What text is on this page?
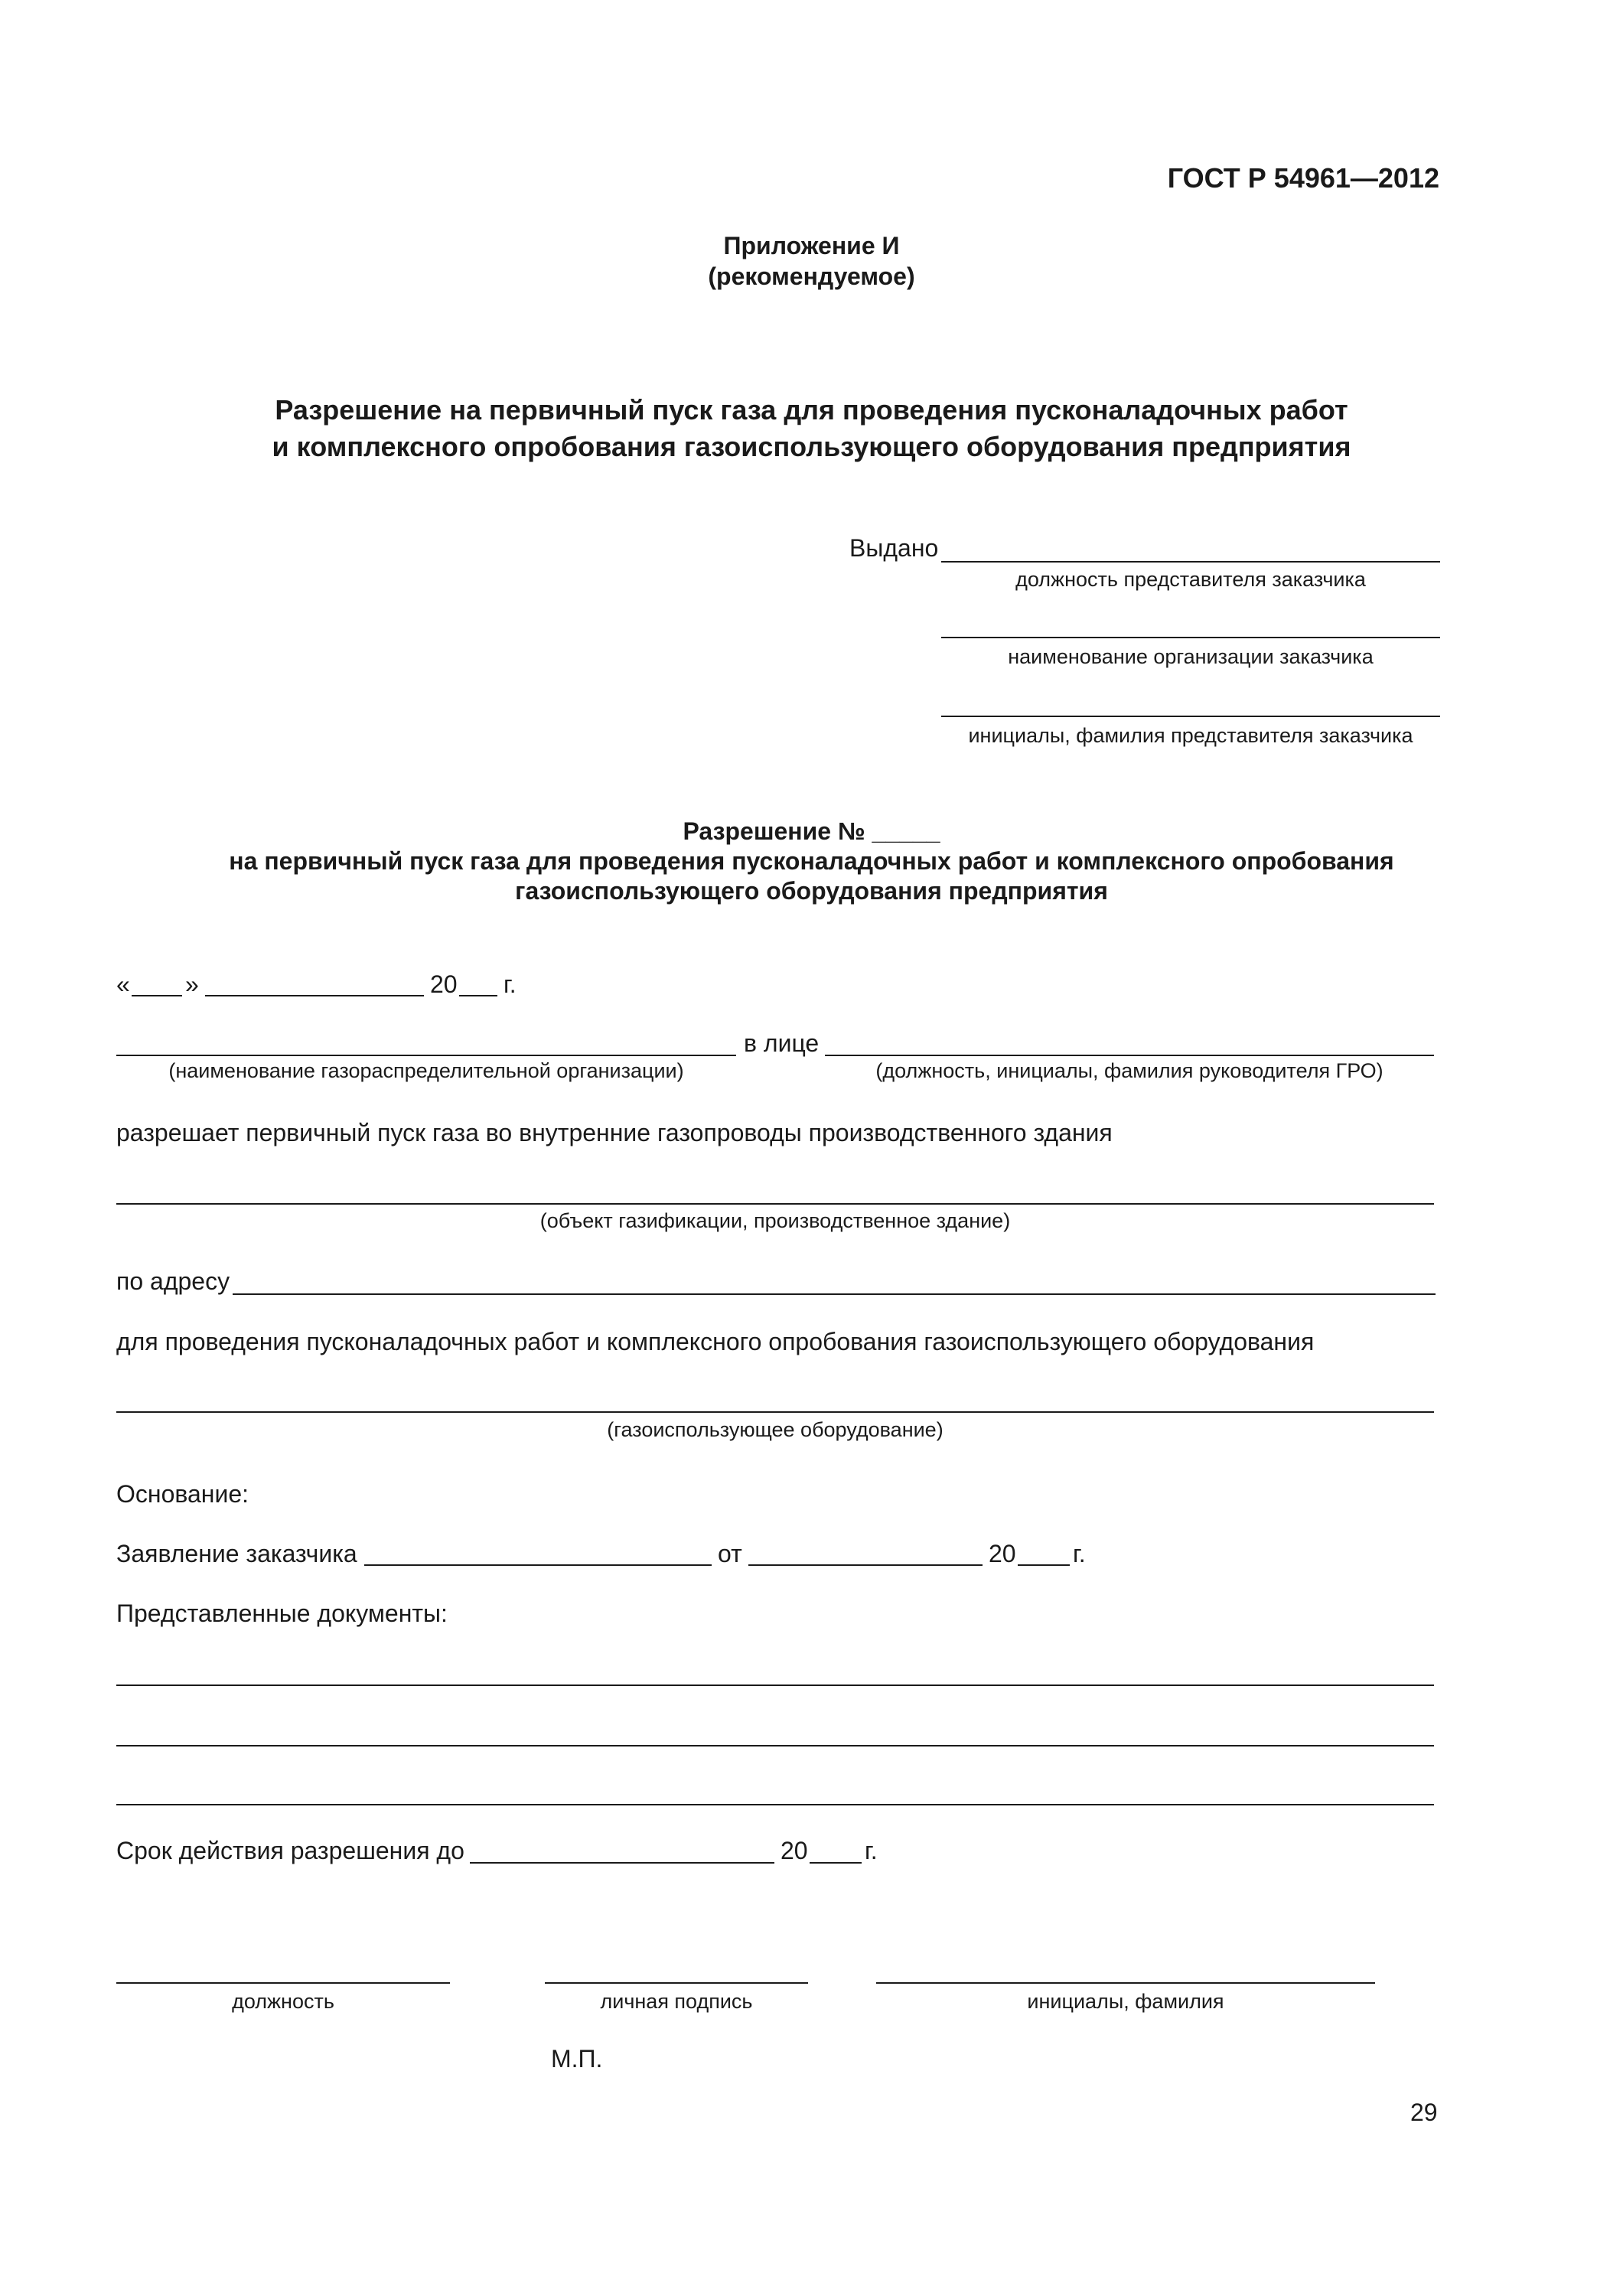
ГОСТ Р 54961—2012
Приложение И
(рекомендуемое)
Разрешение на первичный пуск газа для проведения пусконаладочных работ
и комплексного опробования газоиспользующего оборудования предприятия
Выдано
должность представителя заказчика
наименование организации заказчика
инициалы, фамилия представителя заказчика
Разрешение № _____
на первичный пуск газа для проведения пусконаладочных работ и комплексного опробования
газоиспользующего оборудования предприятия
« »	20 г.
в лице
(наименование газораспределительной организации)	(должность, инициалы, фамилия руководителя ГРО)
разрешает первичный пуск газа во внутренние газопроводы производственного здания
(объект газификации, производственное здание)
по адресу
для проведения пусконаладочных работ и комплексного опробования газоиспользующего оборудования
(газоиспользующее оборудование)
Основание:
Заявление заказчика	от	20 г.
Представленные документы:
Срок действия разрешения до	20 г.
должность	личная подпись	инициалы, фамилия
М.П.
29
